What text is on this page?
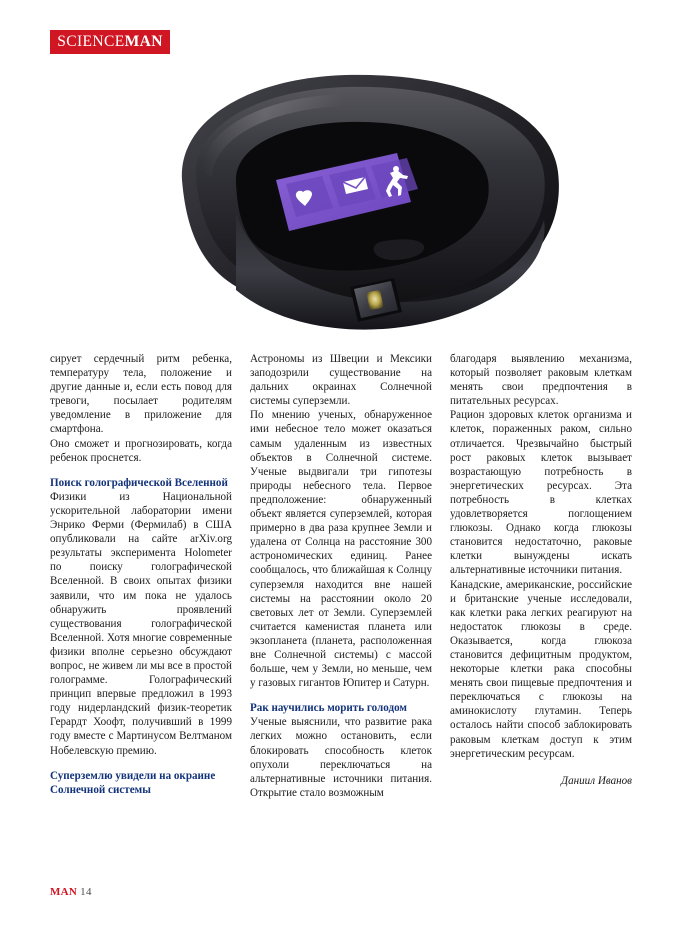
SCIENCEMAN

сирует сердечный ритм ребенка, температуру тела, положение и другие данные и, если есть повод для тревоги, посылает родителям уведомление в приложение для смартфона.

Оно сможет и прогнозировать, когда ребенок проснется.

Поиск голографической Вселенной

Физики из Национальной ускорительной лаборатории имени Энрико Ферми (Фермилаб) в США опубликовали на сайте arXiv.org результаты эксперимента Holometer по поиску голографической Вселенной. В своих опытах физики заявили, что им пока не удалось обнаружить проявлений существования голографической Вселенной. Хотя многие современные физики вполне серьезно обсуждают вопрос, не живем ли мы все в простой голограмме. Голографический принцип впервые предложил в 1993 году нидерландский физик-теоретик Герардт Хоофт, получивший в 1999 году вместе с Мартинусом Велтманом Нобелевскую премию.

Суперземлю увидели на окраине Солнечной системы

Астрономы из Швеции и Мексики заподозрили существование на дальних окраинах Солнечной системы суперземли.

По мнению ученых, обнаруженное ими небесное тело может оказаться самым удаленным из известных объектов в Солнечной системе. Ученые выдвигали три гипотезы природы небесного тела. Первое предположение: обнаруженный объект является суперземлей, которая примерно в два раза крупнее Земли и удалена от Солнца на расстояние 300 астрономических единиц. Ранее сообщалось, что ближайшая к Солнцу суперземля находится вне нашей системы на расстоянии около 20 световых лет от Земли. Суперземлей считается каменистая планета или экзопланета (планета, расположенная вне Солнечной системы) с массой больше, чем у Земли, но меньше, чем у газовых гигантов Юпитер и Сатурн.

Рак научились морить голодом

Ученые выяснили, что развитие рака легких можно остановить, если блокировать способность клеток опухоли переключаться на альтернативные источники питания. Открытие стало возможным

благодаря выявлению механизма, который позволяет раковым клеткам менять свои предпочтения в питательных ресурсах.

Рацион здоровых клеток организма и клеток, пораженных раком, сильно отличается. Чрезвычайно быстрый рост раковых клеток вызывает возрастающую потребность в энергетических ресурсах. Эта потребность в клетках удовлетворяется поглощением глюкозы. Однако когда глюкозы становится недостаточно, раковые клетки вынуждены искать альтернативные источники питания.

Канадские, американские, российские и британские ученые исследовали, как клетки рака легких реагируют на недостаток глюкозы в среде. Оказывается, когда глюкоза становится дефицитным продуктом, некоторые клетки рака способны менять свои пищевые предпочтения и переключаться с глюкозы на аминокислоту глутамин. Теперь осталось найти способ заблокировать раковым клеткам доступ к этим энергетическим ресурсам.

Даниил Иванов
MAN 14
